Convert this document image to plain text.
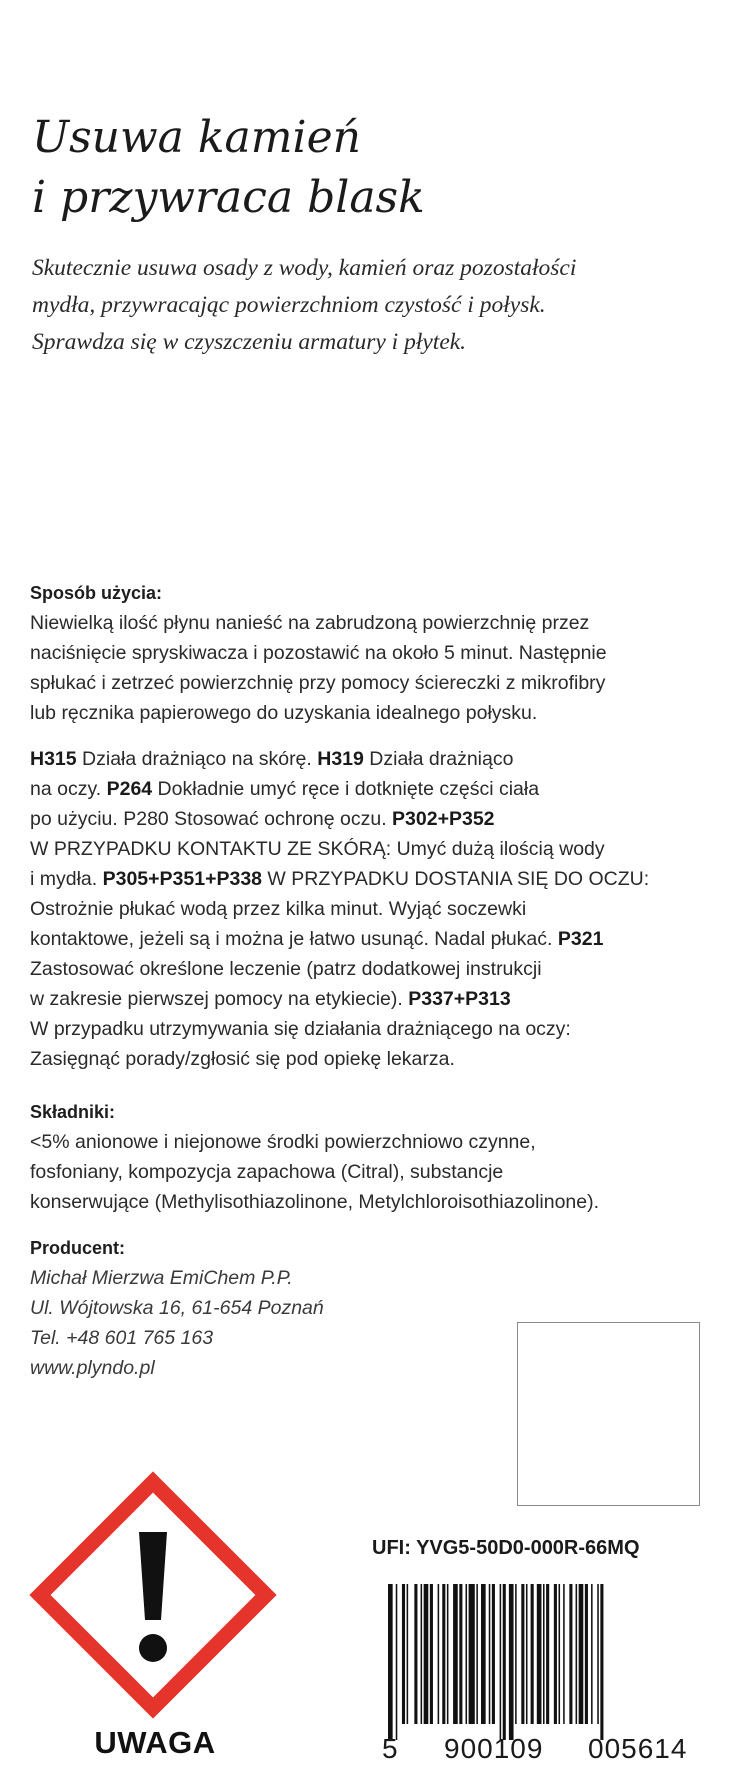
Usuwa kamień
i przywraca blask
Skutecznie usuwa osady z wody, kamień oraz pozostałości
mydła, przywracając powierzchniom czystość i połysk.
Sprawdza się w czyszczeniu armatury i płytek.
Sposób użycia:
Niewielką ilość płynu nanieść na zabrudzoną powierzchnię przez
naciśnięcie spryskiwacza i pozostawić na około 5 minut. Następnie
spłukać i zetrzeć powierzchnię przy pomocy ściereczki z mikrofibry
lub ręcznika papierowego do uzyskania idealnego połysku.
H315 Działa drażniąco na skórę. H319 Działa drażniąco
na oczy. P264 Dokładnie umyć ręce i dotknięte części ciała
po użyciu. P280 Stosować ochronę oczu. P302+P352
W PRZYPADKU KONTAKTU ZE SKÓRĄ: Umyć dużą ilością wody
i mydła. P305+P351+P338 W PRZYPADKU DOSTANIA SIĘ DO OCZU:
Ostrożnie płukać wodą przez kilka minut. Wyjąć soczewki
kontaktowe, jeżeli są i można je łatwo usunąć. Nadal płukać. P321
Zastosować określone leczenie (patrz dodatkowej instrukcji
w zakresie pierwszej pomocy na etykiecie). P337+P313
W przypadku utrzymywania się działania drażniącego na oczy:
Zasięgnąć porady/zgłosić się pod opiekę lekarza.
Składniki:
<5% anionowe i niejonowe środki powierzchniowo czynne,
fosfoniany, kompozycja zapachowa (Citral), substancje
konserwujące (Methylisothiazolinone, Metylchloroisothiazolinone).
Producent:
Michał Mierzwa EmiChem P.P.
Ul. Wójtowska 16, 61-654 Poznań
Tel. +48 601 765 163
www.plyndo.pl
UFI: YVG5-50D0-000R-66MQ
UWAGA	5 900109 005614
